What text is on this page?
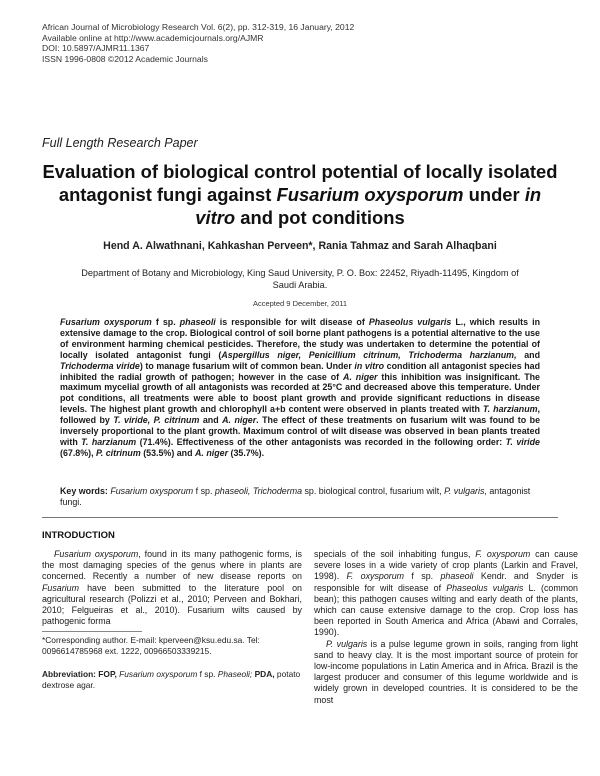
African Journal of Microbiology Research Vol. 6(2), pp. 312-319, 16 January, 2012
Available online at http://www.academicjournals.org/AJMR
DOI: 10.5897/AJMR11.1367
ISSN 1996-0808 ©2012 Academic Journals
Full Length Research Paper
Evaluation of biological control potential of locally isolated antagonist fungi against Fusarium oxysporum under in vitro and pot conditions
Hend A. Alwathnani, Kahkashan Perveen*, Rania Tahmaz and Sarah Alhaqbani
Department of Botany and Microbiology, King Saud University, P. O. Box: 22452, Riyadh-11495, Kingdom of Saudi Arabia.
Accepted 9 December, 2011
Fusarium oxysporum f sp. phaseoli is responsible for wilt disease of Phaseolus vulgaris L., which results in extensive damage to the crop. Biological control of soil borne plant pathogens is a potential alternative to the use of environment harming chemical pesticides. Therefore, the study was undertaken to determine the potential of locally isolated antagonist fungi (Aspergillus niger, Penicillium citrinum, Trichoderma harzianum, and Trichoderma viride) to manage fusarium wilt of common bean. Under in vitro condition all antagonist species had inhibited the radial growth of pathogen; however in the case of A. niger this inhibition was insignificant. The maximum mycelial growth of all antagonists was recorded at 25°C and decreased above this temperature. Under pot conditions, all treatments were able to boost plant growth and provide significant reductions in disease levels. The highest plant growth and chlorophyll a+b content were observed in plants treated with T. harzianum, followed by T. viride, P. citrinum and A. niger. The effect of these treatments on fusarium wilt was found to be inversely proportional to the plant growth. Maximum control of wilt disease was observed in bean plants treated with T. harzianum (71.4%). Effectiveness of the other antagonists was recorded in the following order: T. viride (67.8%), P. citrinum (53.5%) and A. niger (35.7%).
Key words: Fusarium oxysporum f sp. phaseoli, Trichoderma sp. biological control, fusarium wilt, P. vulgaris, antagonist fungi.
INTRODUCTION

Fusarium oxysporum, found in its many pathogenic forms, is the most damaging species of the genus where in plants are concerned. Recently a number of new disease reports on Fusarium have been submitted to the literature pool on agricultural research (Polizzi et al., 2010; Perveen and Bokhari, 2010; Felgueiras et al., 2010). Fusarium wilts caused by pathogenic forma

*Corresponding author. E-mail: kperveen@ksu.edu.sa. Tel: 0096614785968 ext. 1222, 00966503339215.
Abbreviation: FOP, Fusarium oxysporum f sp. Phaseoli; PDA, potato dextrose agar.

specials of the soil inhabiting fungus, F. oxysporum can cause severe loses in a wide variety of crop plants (Larkin and Fravel, 1998). F. oxysporum f sp. phaseoli Kendr. and Snyder is responsible for wilt disease of Phaseolus vulgaris L. (common bean); this pathogen causes wilting and early death of the plants, which can cause extensive damage to the crop. Crop loss has been reported in South America and Africa (Abawi and Corrales, 1990).

P. vulgaris is a pulse legume grown in soils, ranging from light sand to heavy clay. It is the most important source of protein for low-income populations in Latin America and in Africa. Brazil is the largest producer and consumer of this legume worldwide and is widely grown in developed countries. It is considered to be the most
